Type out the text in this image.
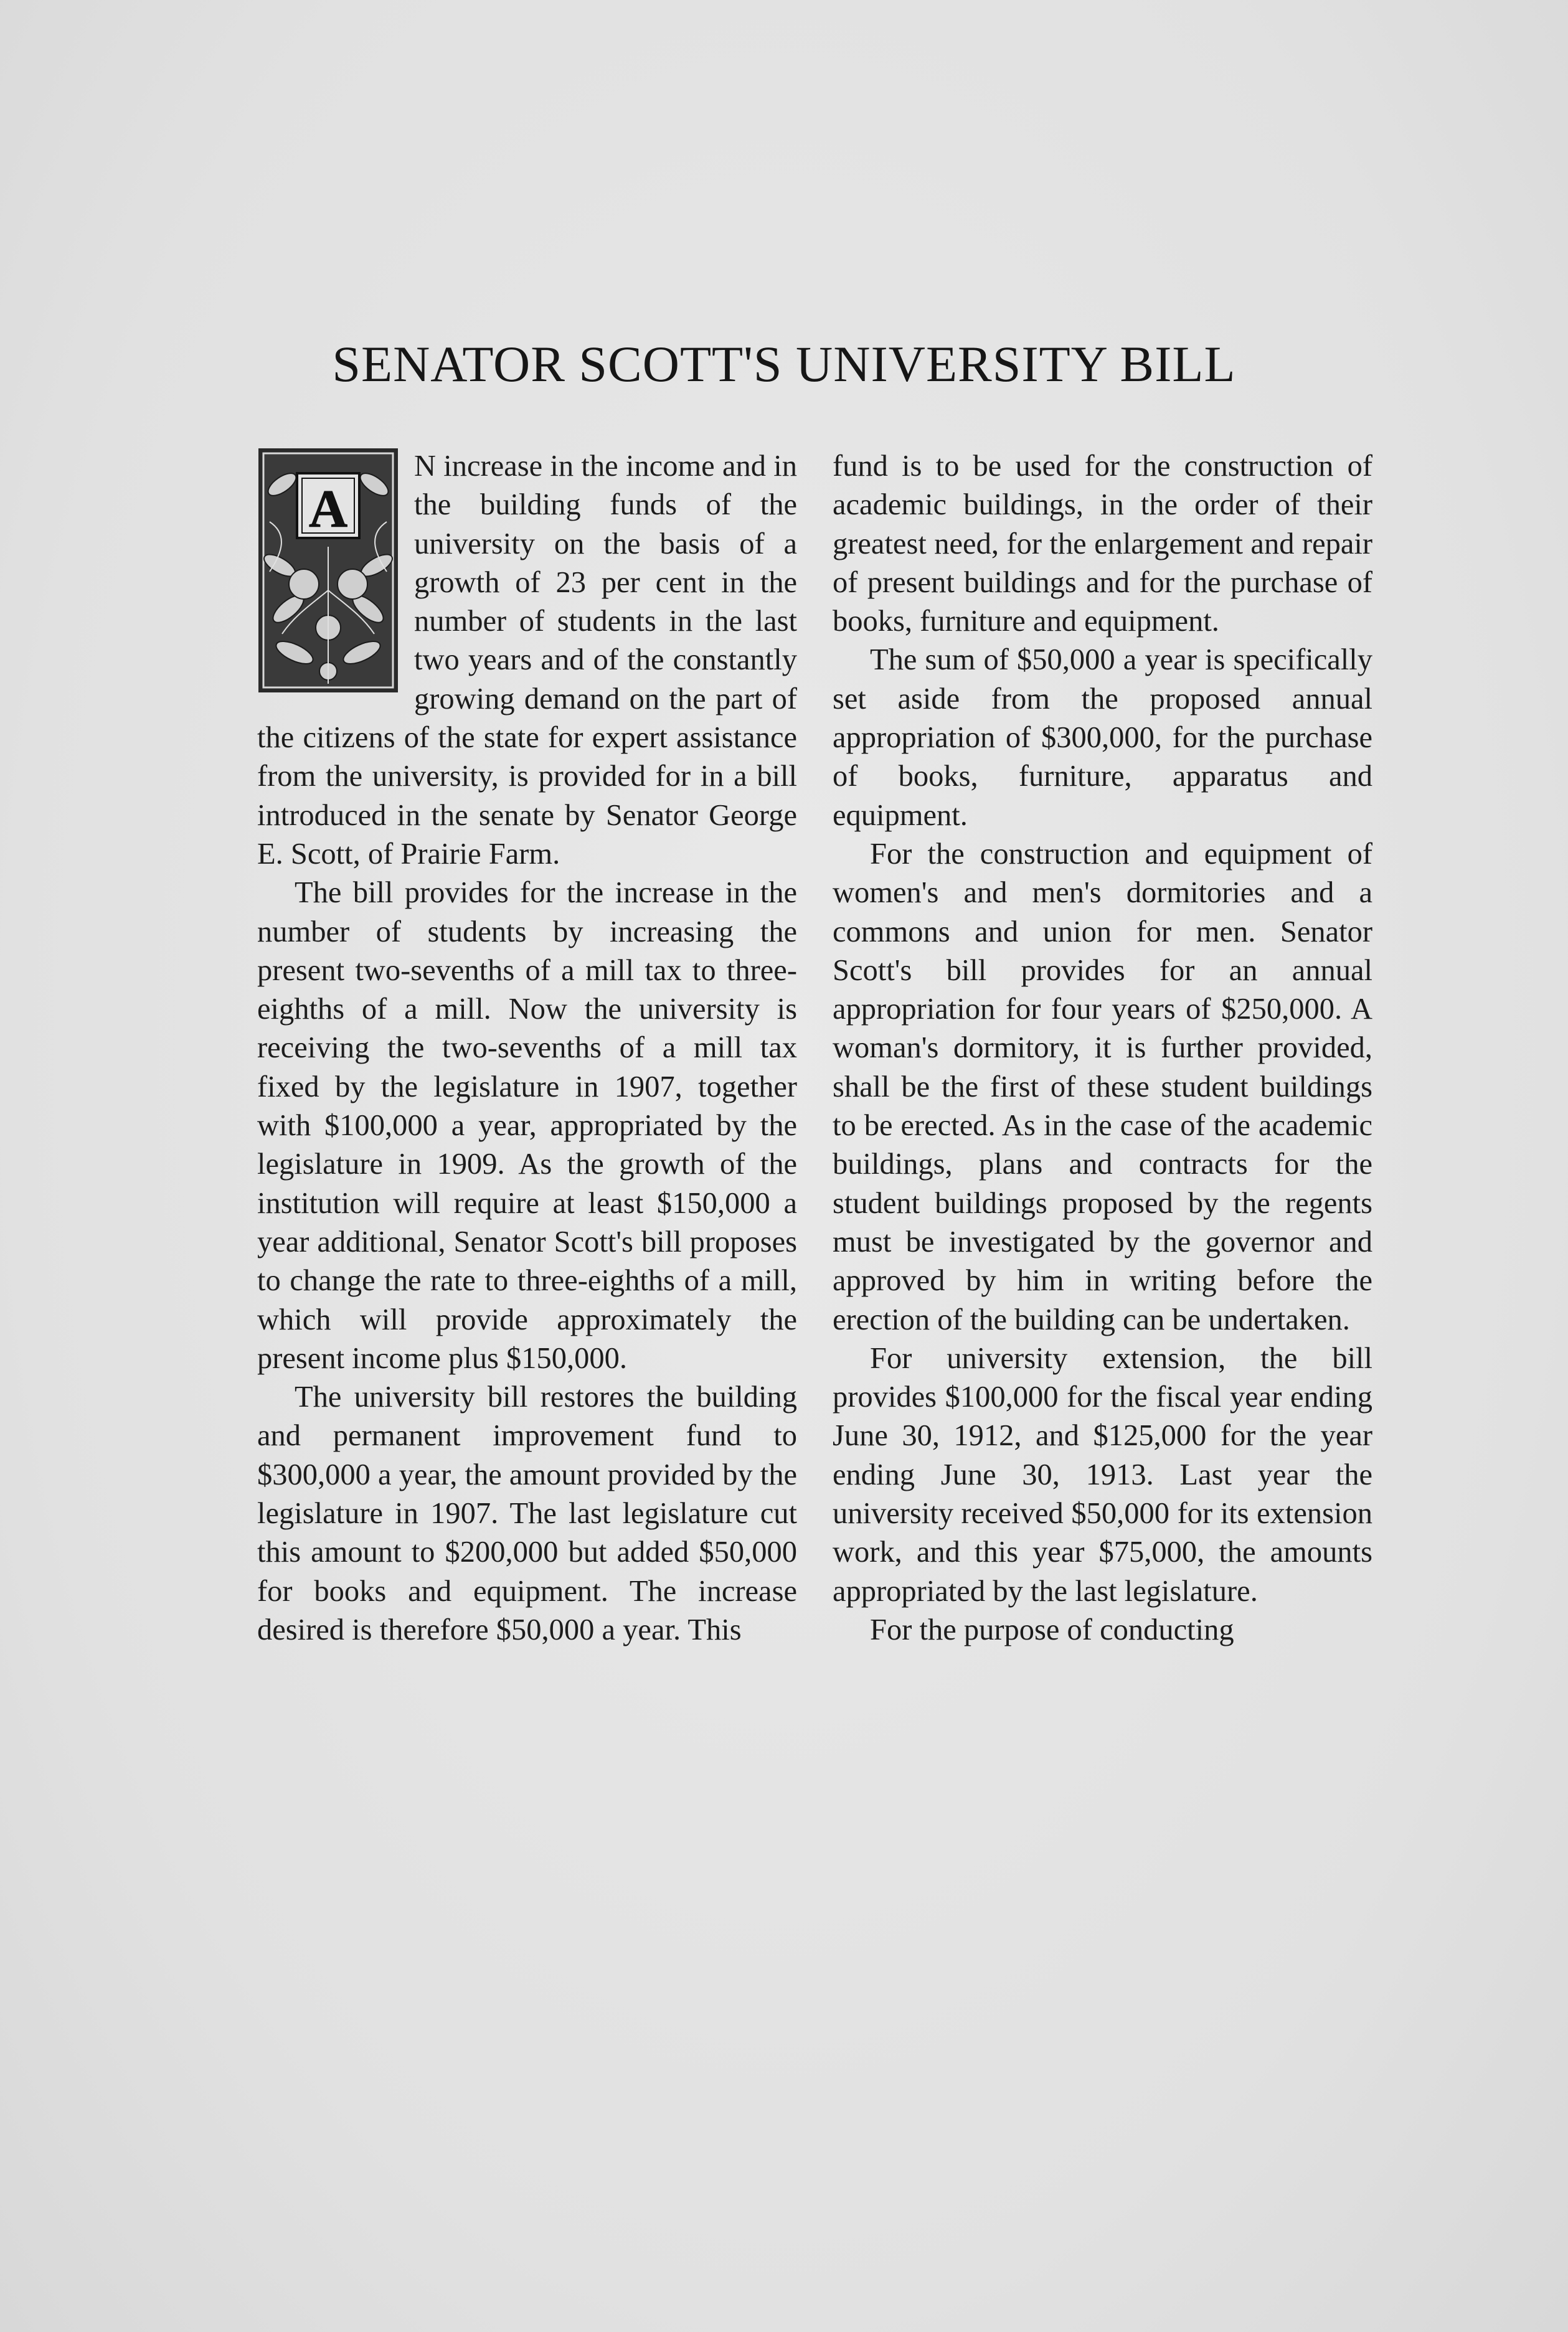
SENATOR SCOTT'S UNIVERSITY BILL
A

N increase in the income and in the building funds of the university on the basis of a growth of 23 per cent in the number of students in the last two years and of the constantly growing demand on the part of the citizens of the state for expert assistance from the university, is provided for in a bill introduced in the senate by Senator George E. Scott, of Prairie Farm.

The bill provides for the increase in the number of students by increasing the present two-sevenths of a mill tax to three-eighths of a mill. Now the university is receiving the two-sevenths of a mill tax fixed by the legislature in 1907, together with $100,000 a year, appropriated by the legislature in 1909. As the growth of the institution will require at least $150,000 a year additional, Senator Scott's bill proposes to change the rate to three-eighths of a mill, which will provide approximately the present income plus $150,000.

The university bill restores the building and permanent improvement fund to $300,000 a year, the amount provided by the legislature in 1907. The last legislature cut this amount to $200,000 but added $50,000 for books and equipment. The increase desired is therefore $50,000 a year. This

fund is to be used for the construction of academic buildings, in the order of their greatest need, for the enlargement and repair of present buildings and for the purchase of books, furniture and equipment.

The sum of $50,000 a year is specifically set aside from the proposed annual appropriation of $300,000, for the purchase of books, furniture, apparatus and equipment.

For the construction and equipment of women's and men's dormitories and a commons and union for men. Senator Scott's bill provides for an annual appropriation for four years of $250,000. A woman's dormitory, it is further provided, shall be the first of these student buildings to be erected. As in the case of the academic buildings, plans and contracts for the student buildings proposed by the regents must be investigated by the governor and approved by him in writing before the erection of the building can be undertaken.

For university extension, the bill provides $100,000 for the fiscal year ending June 30, 1912, and $125,000 for the year ending June 30, 1913. Last year the university received $50,000 for its extension work, and this year $75,000, the amounts appropriated by the last legislature.

For the purpose of conducting
